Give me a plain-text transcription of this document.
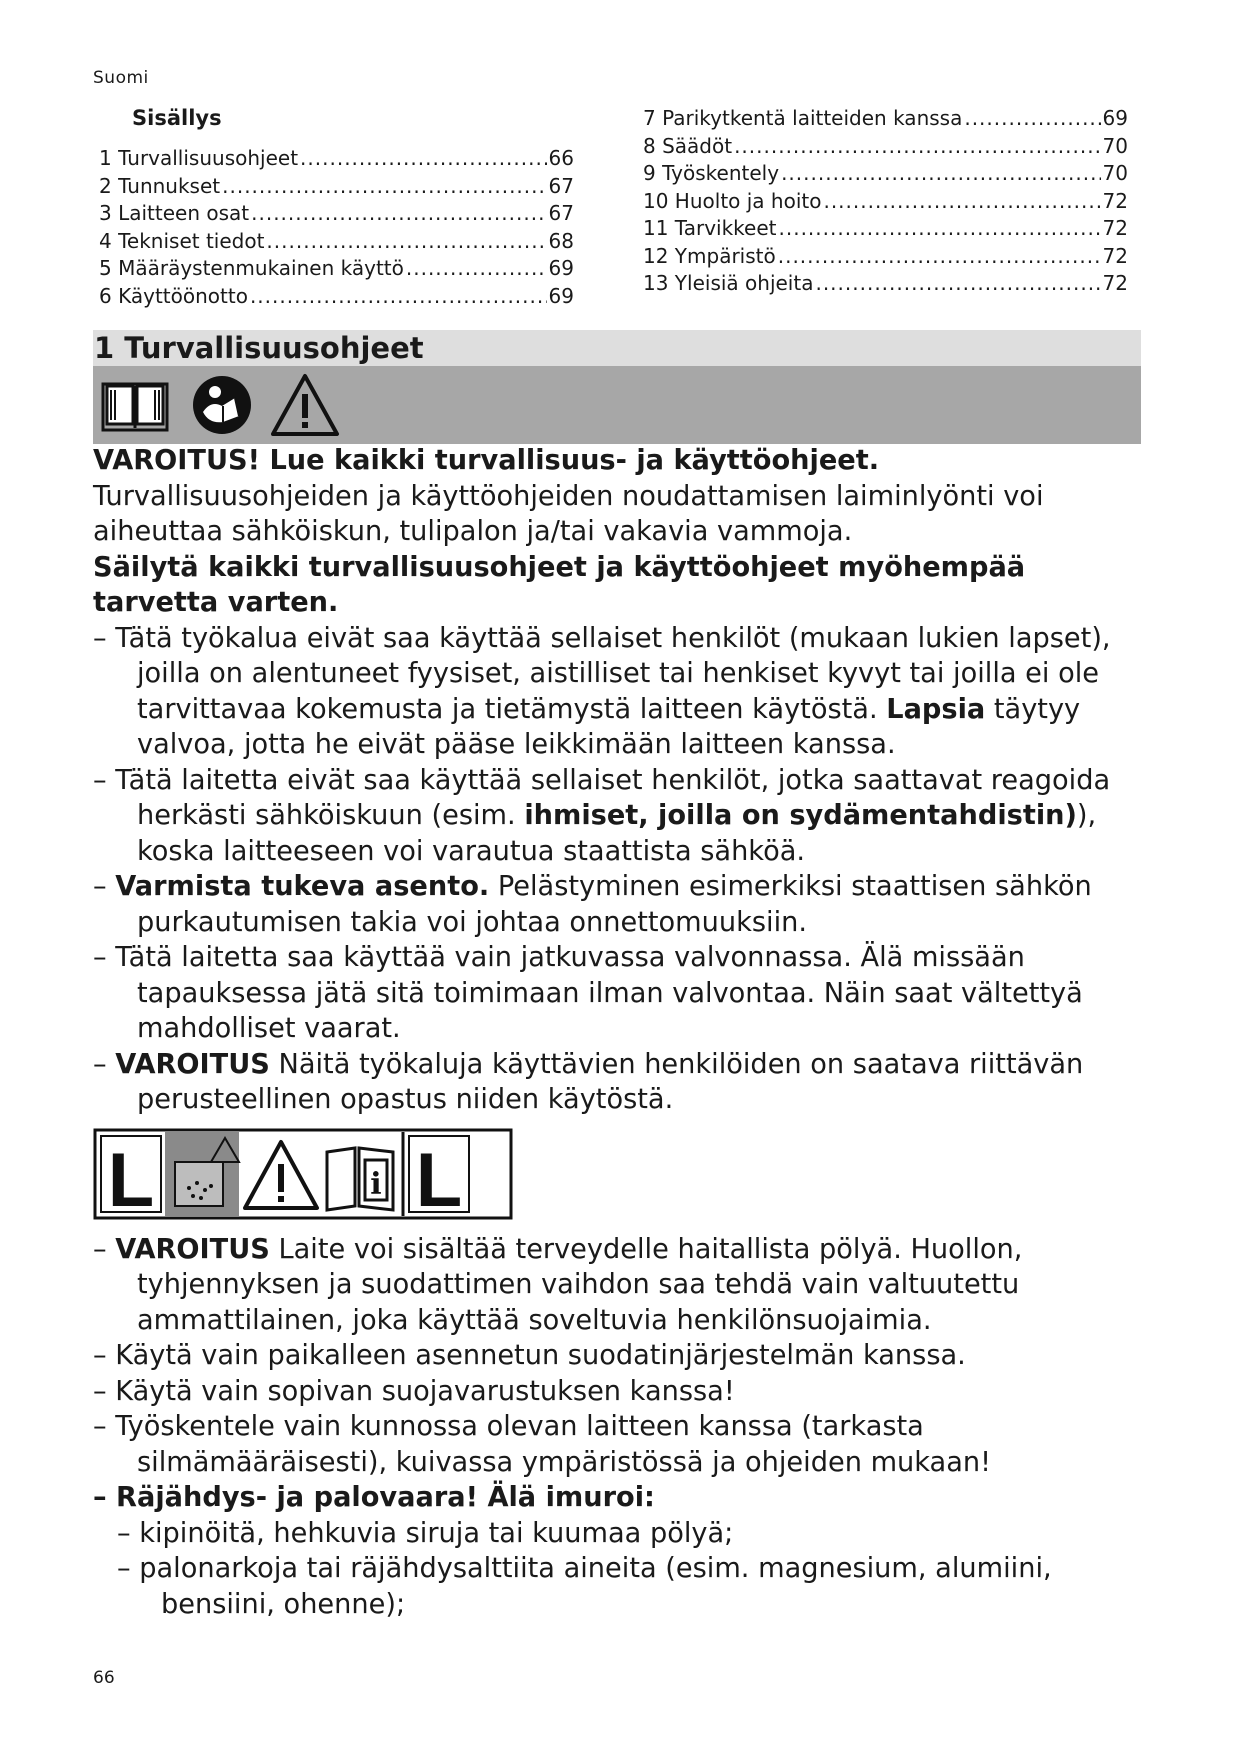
Suomi
Sisällys
1 Turvallisuusohjeet .....	66
2 Tunnukset .....	67
3 Laitteen osat .....	67
4 Tekniset tiedot .....	68
5 Määräystenmukainen käyttö .....	69
6 Käyttöönotto .....	69
7 Parikytkentä laitteiden kanssa .....	69
8 Säädöt .....	70
9 Työskentely .....	70
10 Huolto ja hoito .....	72
11 Tarvikkeet .....	72
12 Ympäristö .....	72
13 Yleisiä ohjeita .....	72
1 Turvallisuusohjeet

VAROITUS! Lue kaikki turvallisuus- ja käyttöohjeet. Turvallisuusohjeiden ja käyttöohjeiden noudattamisen laiminlyönti voi aiheuttaa sähköiskun, tulipalon ja/tai vakavia vammoja.

Säilytä kaikki turvallisuusohjeet ja käyttöohjeet myöhempää tarvetta varten.

– Tätä työkalua eivät saa käyttää sellaiset henkilöt (mukaan lukien lapset), joilla on alentuneet fyysiset, aistilliset tai henkiset kyvyt tai joilla ei ole tarvittavaa kokemusta ja tietämystä laitteen käytöstä. Lapsia täytyy valvoa, jotta he eivät pääse leikkimään laitteen kanssa.

– Tätä laitetta eivät saa käyttää sellaiset henkilöt, jotka saattavat reagoida herkästi sähköiskuun (esim. ihmiset, joilla on sydämentahdistin)), koska laitteeseen voi varautua staattista sähköä.

– Varmista tukeva asento. Pelästyminen esimerkiksi staattisen sähkön purkautumisen takia voi johtaa onnettomuuksiin.

– Tätä laitetta saa käyttää vain jatkuvassa valvonnassa. Älä missään tapauksessa jätä sitä toimimaan ilman valvontaa. Näin saat vältettyä mahdolliset vaarat.

– VAROITUS Näitä työkaluja käyttävien henkilöiden on saatava riittävän perusteellinen opastus niiden käytöstä.

L	i L

– VAROITUS Laite voi sisältää terveydelle haitallista pölyä. Huollon, tyhjennyksen ja suodattimen vaihdon saa tehdä vain valtuutettu ammattilainen, joka käyttää soveltuvia henkilönsuojaimia.

– Käytä vain paikalleen asennetun suodatinjärjestelmän kanssa.

– Käytä vain sopivan suojavarustuksen kanssa!

– Työskentele vain kunnossa olevan laitteen kanssa (tarkasta silmämääräisesti), kuivassa ympäristössä ja ohjeiden mukaan!

– Räjähdys- ja palovaara! Älä imuroi:

– kipinöitä, hehkuvia siruja tai kuumaa pölyä;

– palonarkoja tai räjähdysalttiita aineita (esim. magnesium, alumiini, bensiini, ohenne);

66
